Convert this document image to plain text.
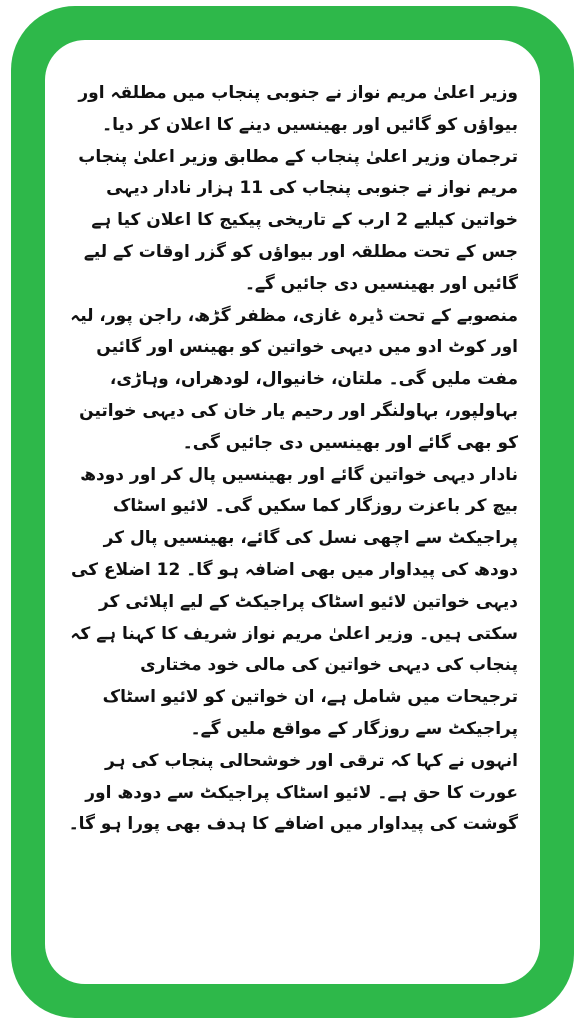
وزیر اعلیٰ مریم نواز نے جنوبی پنجاب میں مطلقہ اور بیواؤں کو گائیں اور بھینسیں دینے کا اعلان کر دیا۔

ترجمان وزیر اعلیٰ پنجاب کے مطابق وزیر اعلیٰ پنجاب مریم نواز نے جنوبی پنجاب کی 11 ہزار نادار دیہی خواتین کیلیے 2 ارب کے تاریخی پیکیج کا اعلان کیا ہے جس کے تحت مطلقہ اور بیواؤں کو گزر اوقات کے لیے گائیں اور بھینسیں دی جائیں گے۔

منصوبے کے تحت ڈیرہ غازی، مظفر گڑھ، راجن پور، لیہ اور کوٹ ادو میں دیہی خواتین کو بھینس اور گائیں مفت ملیں گی۔ ملتان، خانیوال، لودھراں، وہاڑی، بہاولپور، بہاولنگر اور رحیم یار خان کی دیہی خواتین کو بھی گائے اور بھینسیں دی جائیں گی۔

نادار دیہی خواتین گائے اور بھینسیں پال کر اور دودھ بیچ کر باعزت روزگار کما سکیں گی۔ لائیو اسٹاک پراجیکٹ سے اچھی نسل کی گائے، بھینسیں پال کر دودھ کی پیداوار میں بھی اضافہ ہو گا۔ 12 اضلاع کی دیہی خواتین لائیو اسٹاک پراجیکٹ کے لیے اپلائی کر سکتی ہیں۔ وزیر اعلیٰ مریم نواز شریف کا کہنا ہے کہ پنجاب کی دیہی خواتین کی مالی خود مختاری ترجیحات میں شامل ہے، ان خواتین کو لائیو اسٹاک پراجیکٹ سے روزگار کے مواقع ملیں گے۔

انہوں نے کہا کہ ترقی اور خوشحالی پنجاب کی ہر عورت کا حق ہے۔ لائیو اسٹاک پراجیکٹ سے دودھ اور گوشت کی پیداوار میں اضافے کا ہدف بھی پورا ہو گا۔
